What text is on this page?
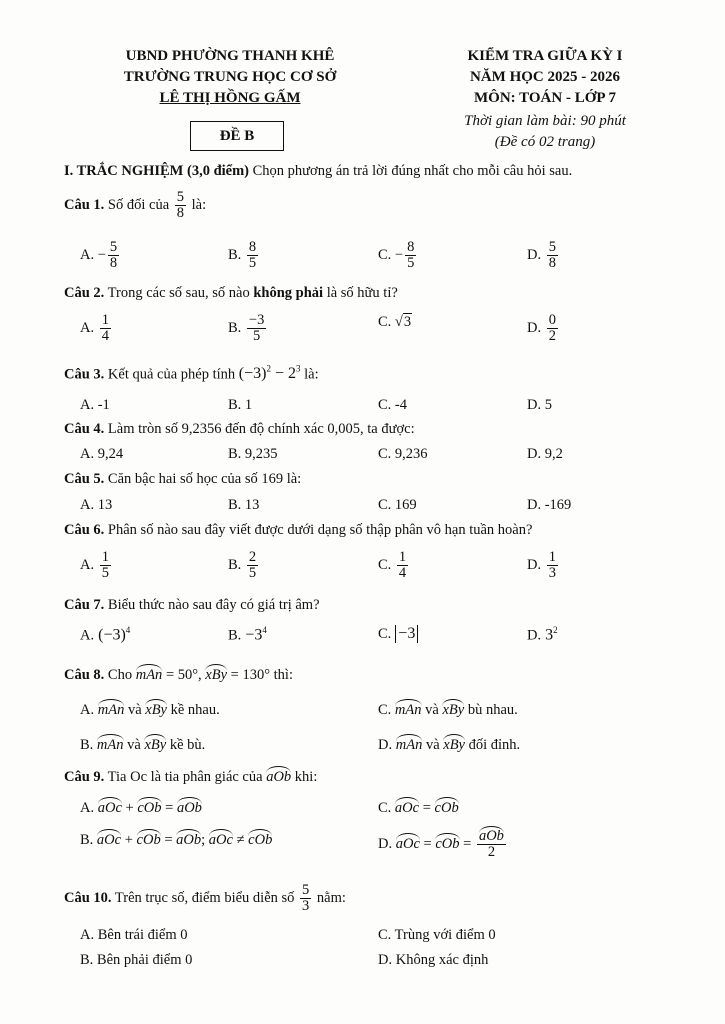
UBND PHƯỜNG THANH KHÊ
TRƯỜNG TRUNG HỌC CƠ SỞ
LÊ THỊ HỒNG GẤM
ĐỀ B
KIỂM TRA GIỮA KỲ I
NĂM HỌC 2025 - 2026
MÔN: TOÁN - LỚP 7
Thời gian làm bài: 90 phút
(Đề có 02 trang)
I. TRẮC NGHIỆM (3,0 điểm) Chọn phương án trả lời đúng nhất cho mỗi câu hỏi sau.
Câu 1. Số đối của $\frac{5}{8}$ là:
A. − $\frac{5}{8}$	B. $\frac{8}{5}$	C. − $\frac{8}{5}$	D. $\frac{5}{8}$
Câu 2. Trong các số sau, số nào không phải là số hữu tỉ?
A. $\frac{1}{4}$	B. $\frac{-3}{5}$	C. √3	D. $\frac{0}{2}$
Câu 3. Kết quả của phép tính $(-3)^2 - 2^3$ là:
A. -1	B. 1	C. -4	D. 5
Câu 4. Làm tròn số 9,2356 đến độ chính xác 0,005, ta được:
A. 9,24	B. 9,235	C. 9,236	D. 9,2
Câu 5. Căn bậc hai số học của số 169 là:
A. 13	B. 13	C. 169	D. -169
Câu 6. Phân số nào sau đây viết được dưới dạng số thập phân vô hạn tuần hoàn?
A. $\frac{1}{5}$	B. $\frac{2}{5}$	C. $\frac{1}{4}$	D. $\frac{1}{3}$
Câu 7. Biểu thức nào sau đây có giá trị âm?
A. $(-3)^4$	B. $-3^4$	C. −3	D. $3^2$
Câu 8. Cho mAn = 50°, xBy = 130° thì:
A. mAn và xBy kề nhau.	C. mAn và xBy bù nhau.
B. mAn và xBy kề bù.	D. mAn và xBy đối đỉnh.
Câu 9. Tia Oc là tia phân giác của aOb khi:
A. aOc + cOb = aOb	C. aOc = cOb
B. aOc + cOb = aOb; aOc ≠ cOb	D. aOc = cOb = $\frac{\text{aOb}}{2}$
Câu 10. Trên trục số, điểm biểu diễn số $\frac{5}{3}$ nằm:
A. Bên trái điểm 0	C. Trùng với điểm 0
B. Bên phải điểm 0	D. Không xác định
